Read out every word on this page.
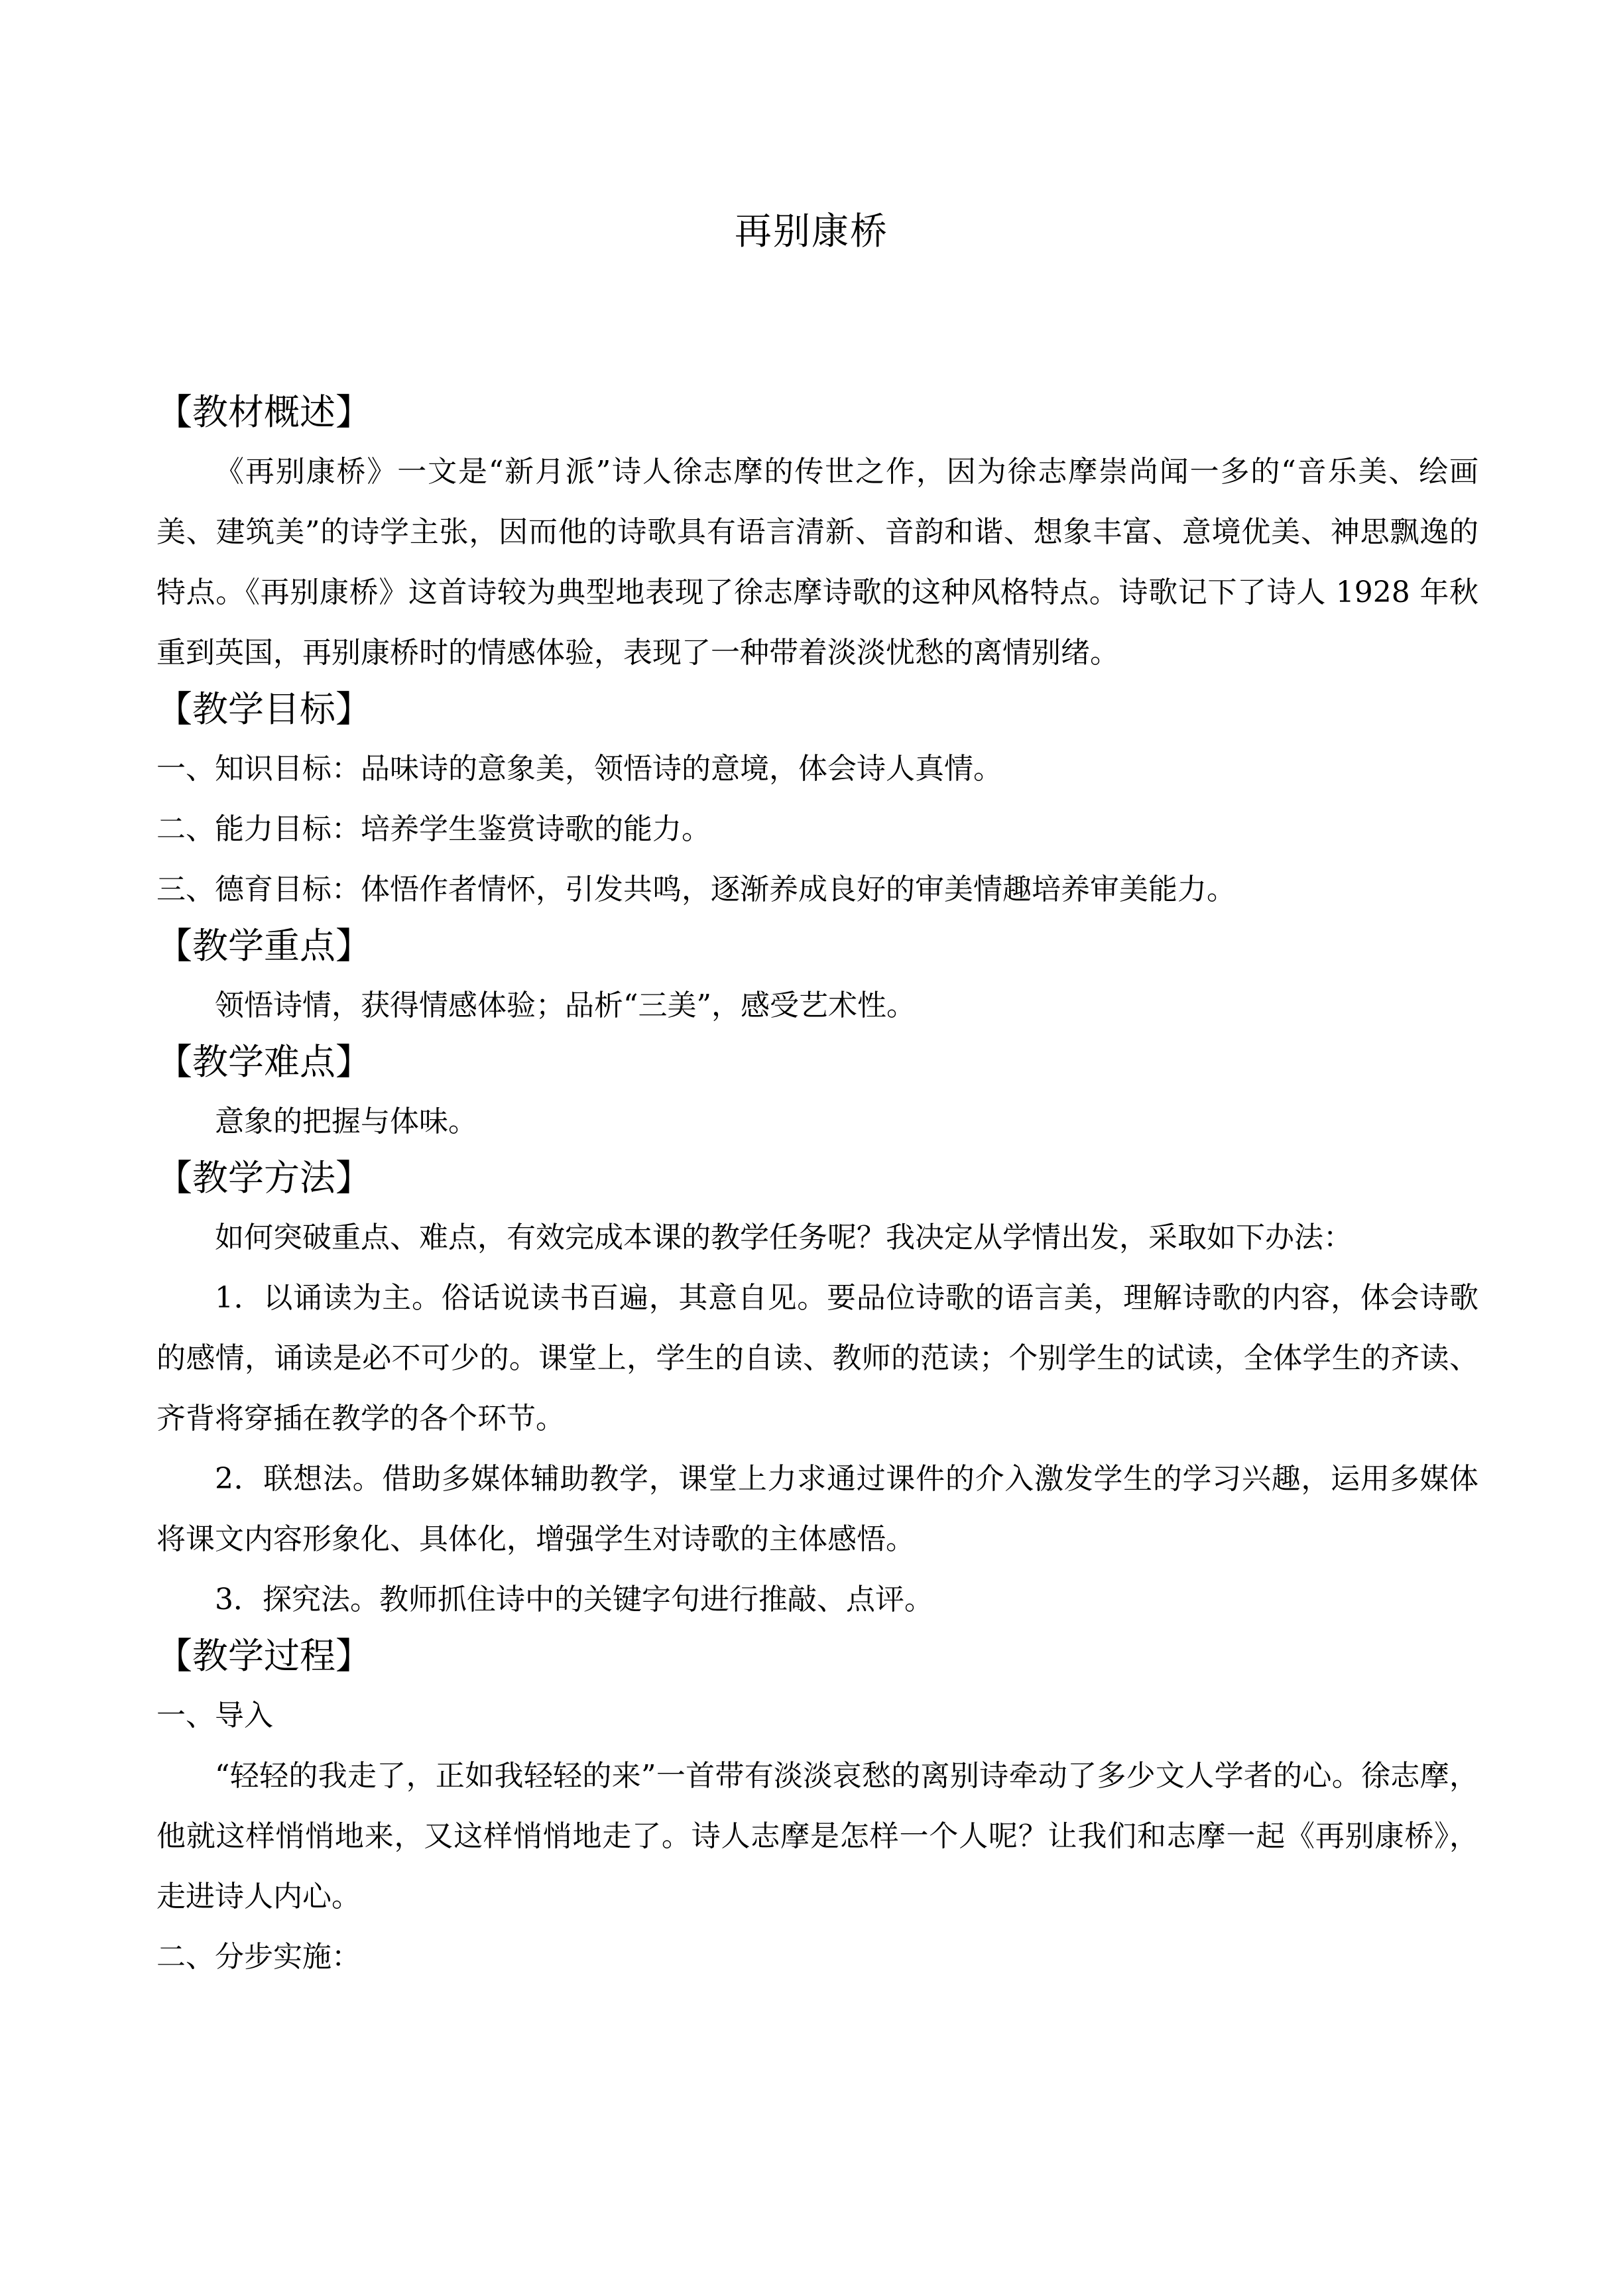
再别康桥
【教材概述】

《再别康桥》一文是“新月派”诗人徐志摩的传世之作，因为徐志摩崇尚闻一多的“音乐美、绘画美、建筑美”的诗学主张，因而他的诗歌具有语言清新、音韵和谐、想象丰富、意境优美、神思飘逸的特点。《再别康桥》这首诗较为典型地表现了徐志摩诗歌的这种风格特点。诗歌记下了诗人 1928 年秋重到英国，再别康桥时的情感体验，表现了一种带着淡淡忧愁的离情别绪。

【教学目标】

一、知识目标：品味诗的意象美，领悟诗的意境，体会诗人真情。

二、能力目标：培养学生鉴赏诗歌的能力。

三、德育目标：体悟作者情怀，引发共鸣，逐渐养成良好的审美情趣培养审美能力。

【教学重点】

领悟诗情，获得情感体验；品析“三美”，感受艺术性。

【教学难点】

意象的把握与体味。

【教学方法】

如何突破重点、难点，有效完成本课的教学任务呢？我决定从学情出发，采取如下办法：

1．以诵读为主。俗话说读书百遍，其意自见。要品位诗歌的语言美，理解诗歌的内容，体会诗歌的感情，诵读是必不可少的。课堂上，学生的自读、教师的范读；个别学生的试读，全体学生的齐读、齐背将穿插在教学的各个环节。

2．联想法。借助多媒体辅助教学，课堂上力求通过课件的介入激发学生的学习兴趣，运用多媒体将课文内容形象化、具体化，增强学生对诗歌的主体感悟。

3．探究法。教师抓住诗中的关键字句进行推敲、点评。

【教学过程】

一、导入

“轻轻的我走了，正如我轻轻的来”一首带有淡淡哀愁的离别诗牵动了多少文人学者的心。徐志摩，他就这样悄悄地来，又这样悄悄地走了。诗人志摩是怎样一个人呢？让我们和志摩一起《再别康桥》，走进诗人内心。

二、分步实施：
